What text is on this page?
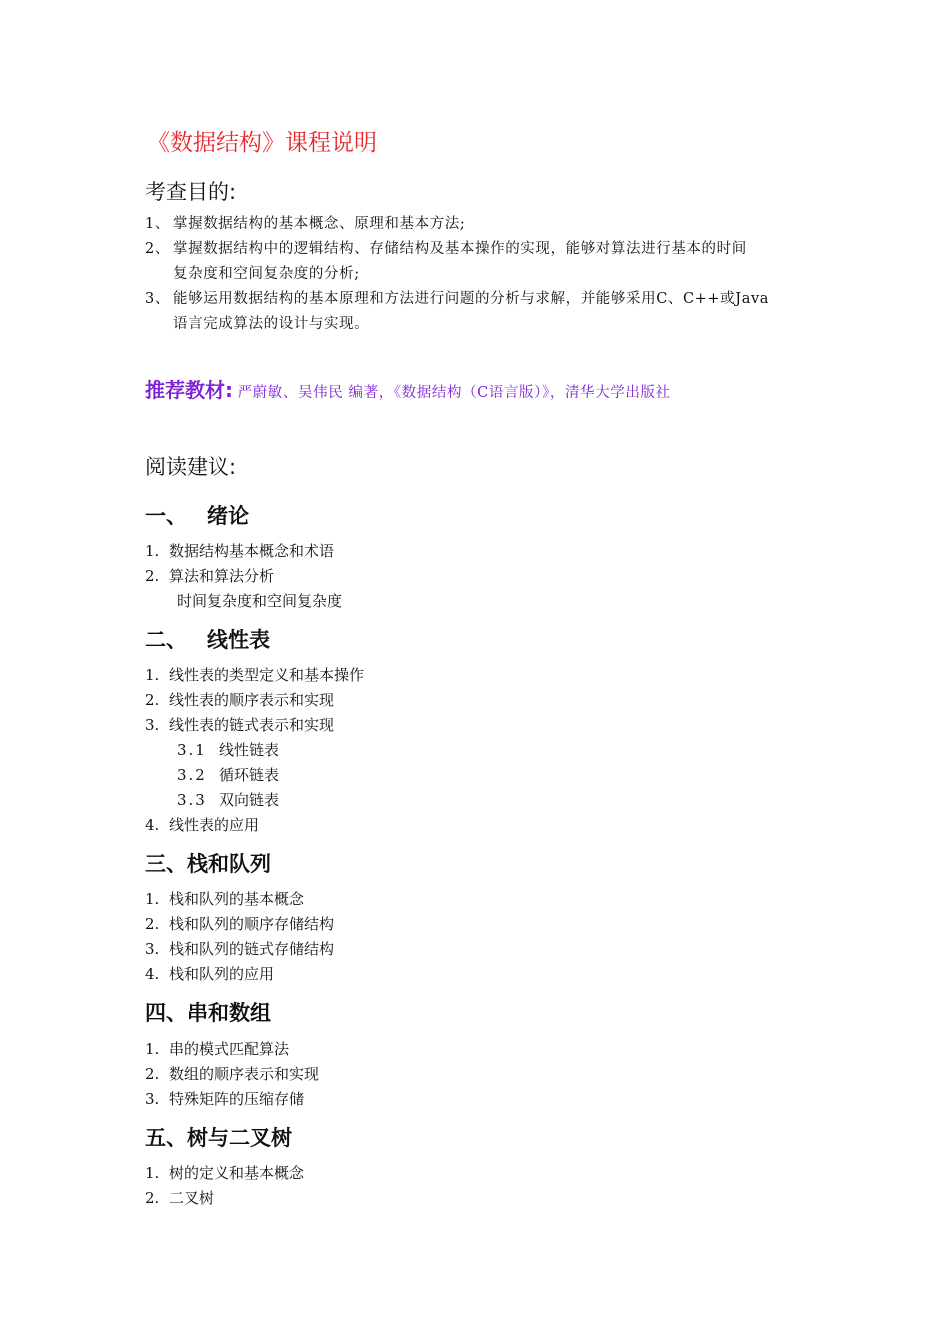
《数据结构》课程说明
考查目的:
1、 掌握数据结构的基本概念、原理和基本方法;
2、 掌握数据结构中的逻辑结构、存储结构及基本操作的实现，能够对算法进行基本的时间
复杂度和空间复杂度的分析;
3、 能够运用数据结构的基本原理和方法进行问题的分析与求解，并能够采用C、C++或Java
语言完成算法的设计与实现。
推荐教材: 严蔚敏、吴伟民 编著，《数据结构（C语言版）》，清华大学出版社
阅读建议:
一、 绪论
1. 数据结构基本概念和术语
2. 算法和算法分析
时间复杂度和空间复杂度
二、 线性表
1. 线性表的类型定义和基本操作
2. 线性表的顺序表示和实现
3. 线性表的链式表示和实现
3.1 线性链表
3.2 循环链表
3.3 双向链表
4. 线性表的应用
三、栈和队列
1. 栈和队列的基本概念
2. 栈和队列的顺序存储结构
3. 栈和队列的链式存储结构
4. 栈和队列的应用
四、串和数组
1. 串的模式匹配算法
2. 数组的顺序表示和实现
3. 特殊矩阵的压缩存储
五、树与二叉树
1. 树的定义和基本概念
2. 二叉树
